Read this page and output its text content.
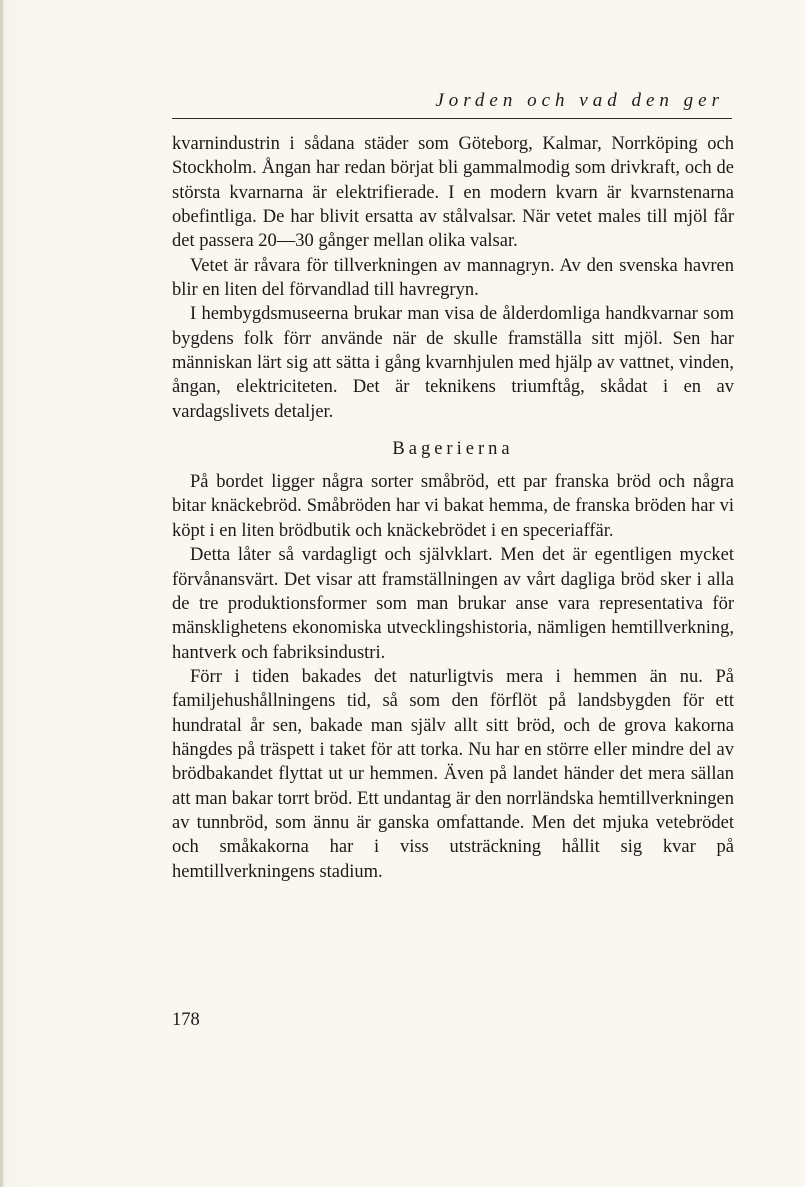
Jorden och vad den ger

kvarnindustrin i sådana städer som Göteborg, Kalmar, Norrköping och Stockholm. Ångan har redan börjat bli gammalmodig som drivkraft, och de största kvarnarna är elektrifierade. I en modern kvarn är kvarnstenarna obefintliga. De har blivit ersatta av stålvalsar. När vetet males till mjöl får det passera 20—30 gånger mellan olika valsar.

Vetet är råvara för tillverkningen av mannagryn. Av den svenska havren blir en liten del förvandlad till havregryn.

I hembygdsmuseerna brukar man visa de ålderdomliga handkvarnar som bygdens folk förr använde när de skulle framställa sitt mjöl. Sen har människan lärt sig att sätta i gång kvarnhjulen med hjälp av vattnet, vinden, ångan, elektriciteten. Det är teknikens triumftåg, skådat i en av vardagslivets detaljer.

Bagerierna

På bordet ligger några sorter småbröd, ett par franska bröd och några bitar knäckebröd. Småbröden har vi bakat hemma, de franska bröden har vi köpt i en liten brödbutik och knäckebrödet i en speceriaffär.

Detta låter så vardagligt och självklart. Men det är egentligen mycket förvånansvärt. Det visar att framställningen av vårt dagliga bröd sker i alla de tre produktionsformer som man brukar anse vara representativa för mänsklighetens ekonomiska utvecklingshistoria, nämligen hemtillverkning, hantverk och fabriksindustri.

Förr i tiden bakades det naturligtvis mera i hemmen än nu. På familjehushållningens tid, så som den förflöt på landsbygden för ett hundratal år sen, bakade man själv allt sitt bröd, och de grova kakorna hängdes på träspett i taket för att torka. Nu har en större eller mindre del av brödbakandet flyttat ut ur hemmen. Även på landet händer det mera sällan att man bakar torrt bröd. Ett undantag är den norrländska hemtillverkningen av tunnbröd, som ännu är ganska omfattande. Men det mjuka vetebrödet och småkakorna har i viss utsträckning hållit sig kvar på hemtillverkningens stadium.

178
